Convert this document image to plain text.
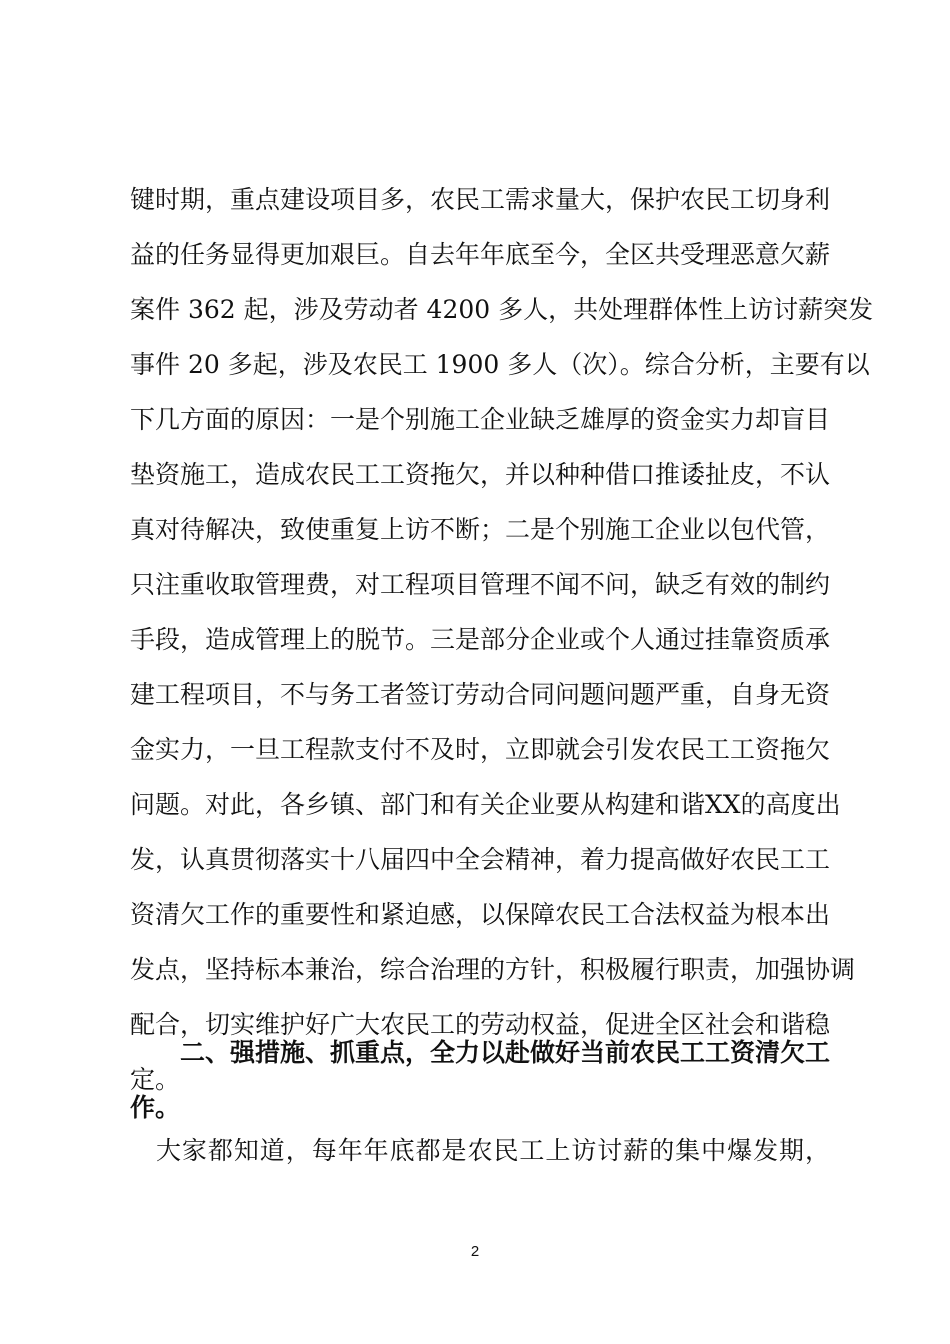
键时期，重点建设项目多，农民工需求量大，保护农民工切身利
益的任务显得更加艰巨。自去年年底至今，全区共受理恶意欠薪
案件 362 起，涉及劳动者 4200 多人，共处理群体性上访讨薪突发
事件 20 多起，涉及农民工 1900 多人（次）。综合分析，主要有以
下几方面的原因：一是个别施工企业缺乏雄厚的资金实力却盲目
垫资施工，造成农民工工资拖欠，并以种种借口推诿扯皮，不认
真对待解决，致使重复上访不断；二是个别施工企业以包代管，
只注重收取管理费，对工程项目管理不闻不问，缺乏有效的制约
手段，造成管理上的脱节。三是部分企业或个人通过挂靠资质承
建工程项目，不与务工者签订劳动合同问题问题严重，自身无资
金实力，一旦工程款支付不及时，立即就会引发农民工工资拖欠
问题。对此，各乡镇、部门和有关企业要从构建和谐XX的高度出
发，认真贯彻落实十八届四中全会精神，着力提高做好农民工工
资清欠工作的重要性和紧迫感，以保障农民工合法权益为根本出
发点，坚持标本兼治，综合治理的方针，积极履行职责，加强协调
配合，切实维护好广大农民工的劳动权益，促进全区社会和谐稳
定。
　　二、强措施、抓重点，全力以赴做好当前农民工工资清欠工
作。
　大家都知道，每年年底都是农民工上访讨薪的集中爆发期，
2
